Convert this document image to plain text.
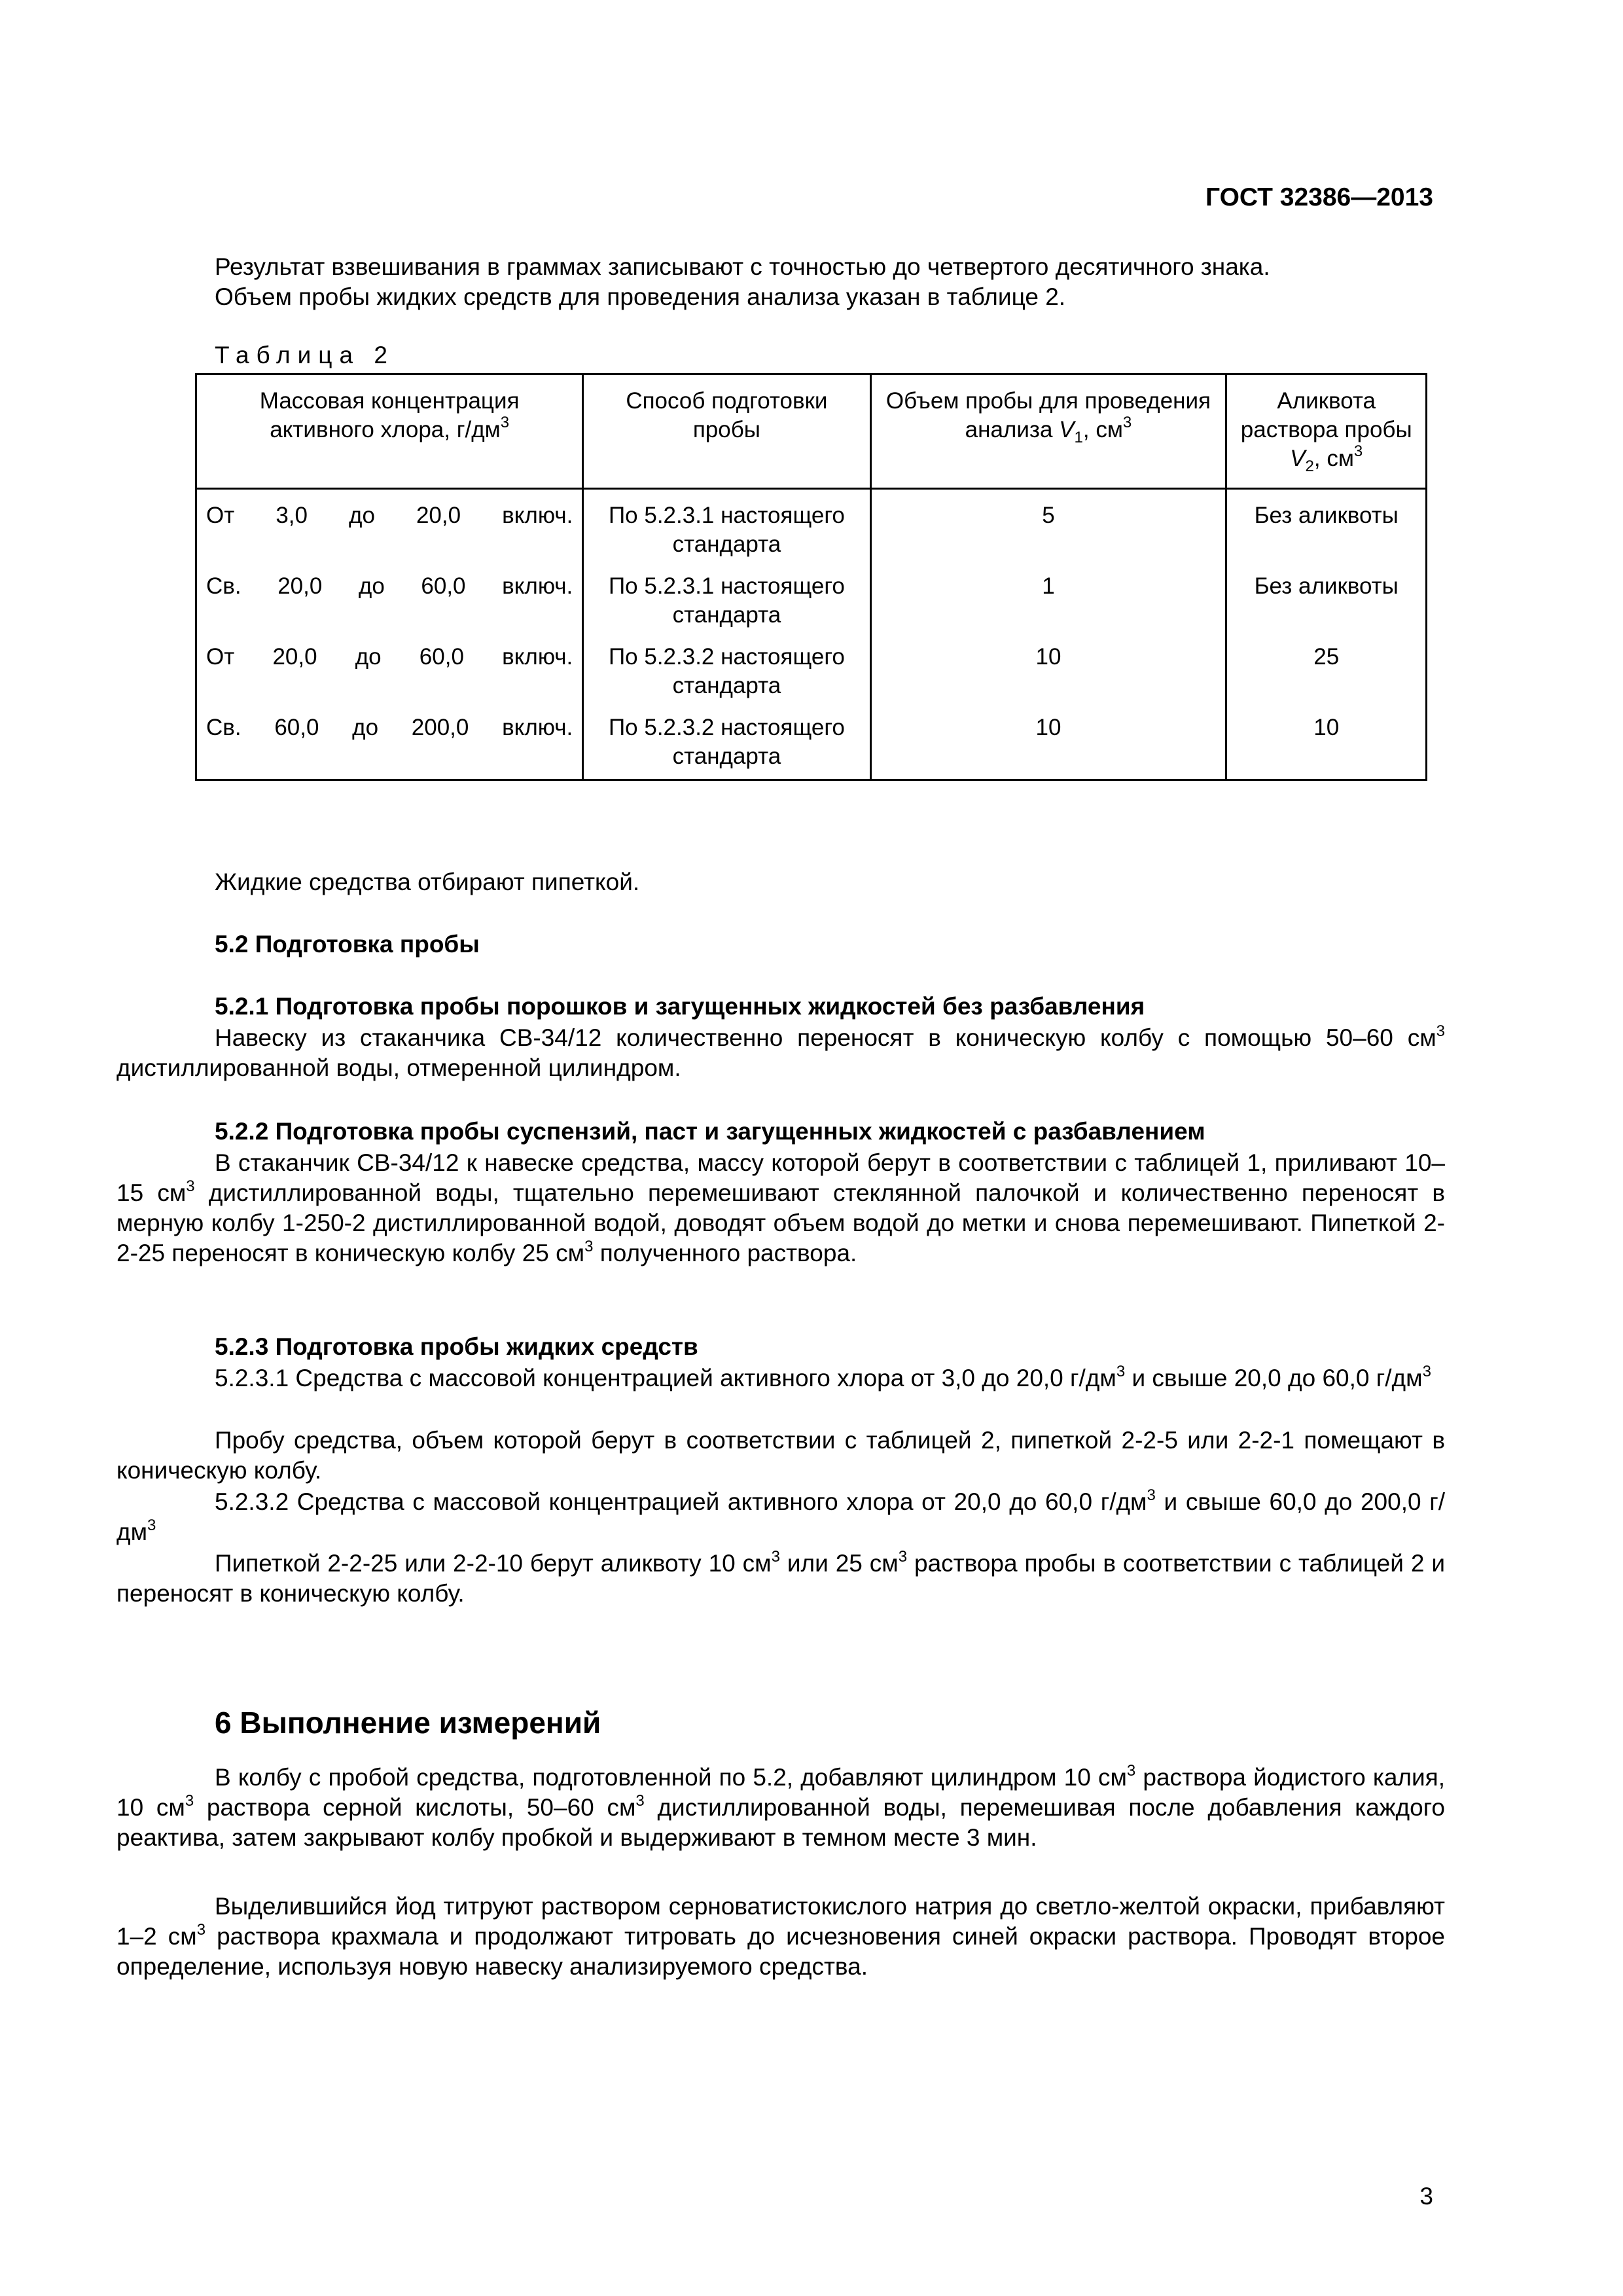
ГОСТ 32386—2013
Результат взвешивания в граммах записывают с точностью до четвертого десятичного знака.
Объем пробы жидких средств для проведения анализа указан в таблице 2.
Таблица 2
Массовая концентрация активного хлора, $г/дм^3$	Способ подготовки пробы	Объем пробы для проведения анализа $V_1$, $см^3$	Аликвота раствора пробы $V_2$, $см^3$

От 3,0 до 20,0 включ.	По 5.2.3.1 настоящего стандарта	5	Без аликвоты

Св. 20,0 до 60,0 включ.	По 5.2.3.1 настоящего стандарта	1	Без аликвоты

От 20,0 до 60,0 включ.	По 5.2.3.2 настоящего стандарта	10	25

Св. 60,0 до 200,0 включ.	По 5.2.3.2 настоящего стандарта	10	10
Жидкие средства отбирают пипеткой.
5.2 Подготовка пробы
5.2.1 Подготовка пробы порошков и загущенных жидкостей без разбавления
Навеску из стаканчика СВ-34/12 количественно переносят в коническую колбу с помощью 50–60 $см^3$ дистиллированной воды, отмеренной цилиндром.
5.2.2 Подготовка пробы суспензий, паст и загущенных жидкостей с разбавлением
В стаканчик СВ-34/12 к навеске средства, массу которой берут в соответствии с таблицей 1, приливают 10–15 $см^3$ дистиллированной воды, тщательно перемешивают стеклянной палочкой и количественно переносят в мерную колбу 1-250-2 дистиллированной водой, доводят объем водой до метки и снова перемешивают. Пипеткой 2-2-25 переносят в коническую колбу 25 $см^3$ полученного раствора.
5.2.3 Подготовка пробы жидких средств
5.2.3.1 Средства с массовой концентрацией активного хлора от 3,0 до 20,0 $г/дм^3$ и свыше 20,0 до 60,0 $г/дм^3$
Пробу средства, объем которой берут в соответствии с таблицей 2, пипеткой 2-2-5 или 2-2-1 помещают в коническую колбу.
5.2.3.2 Средства с массовой концентрацией активного хлора от 20,0 до 60,0 $г/дм^3$ и свыше 60,0 до 200,0 $г/дм^3$
Пипеткой 2-2-25 или 2-2-10 берут аликвоту 10 $см^3$ или 25 $см^3$ раствора пробы в соответствии с таблицей 2 и переносят в коническую колбу.
6 Выполнение измерений
В колбу с пробой средства, подготовленной по 5.2, добавляют цилиндром 10 $см^3$ раствора йодистого калия, 10 $см^3$ раствора серной кислоты, 50–60 $см^3$ дистиллированной воды, перемешивая после добавления каждого реактива, затем закрывают колбу пробкой и выдерживают в темном месте 3 мин.
Выделившийся йод титруют раствором серноватистокислого натрия до светло-желтой окраски, прибавляют 1–2 $см^3$ раствора крахмала и продолжают титровать до исчезновения синей окраски раствора. Проводят второе определение, используя новую навеску анализируемого средства.
3
